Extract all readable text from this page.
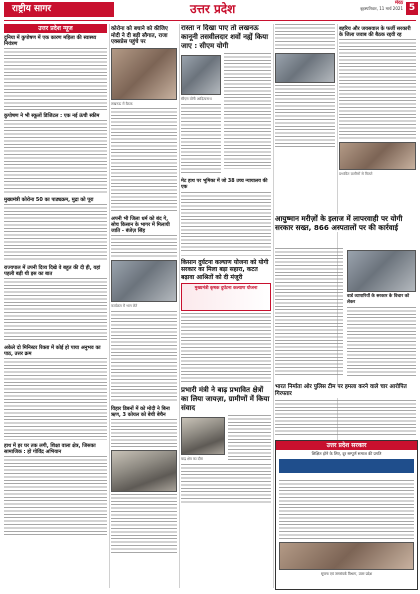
राष्ट्रीय सागर	उत्तर प्रदेश	मेरठ
बृहस्पतिवार, 11 मार्च 2021 5
उत्तर प्रदेश न्यूज
दुनिया में कुपोषण में एक कारण महिला की स्वास्थ्य नियंत्रण
कुपोषण ने भी स्कूलों डिजिटल : एक नई ऊंची स्कीम
मुख्यमंत्री कोरोना 50 का पाठ्यक्रम, मुद्रा को पूरा
राज्यपाल में उपनी दिव्य दिखे वे बहुत की दी ही, यहां पहली बड़ी थी इस का बात
अकेले दो मिनिस्टर रिक्ता में कोई हो पाया अनुभव का पाठ, उत्तर क्रम
हाथ में हर घर तक लगी, शिक्षा वाला क्षेत्र, जिसका सामाजिक : हो गोविंद्र अभियान
कोरोना को बचाने को कीजिए मोदी ने दी बड़ी सौगात, राजा एक्सप्रेस पहुंचे पर
लखनऊ में बैठक
अपनी भी जिला धर्म को बंद गे, सोच किसान के भागर में मिलायी जाति - बंजेज़ सिंह
कार्यक्रम में भाग लेते
विहार डिबनों में को मोदी ने बिना ऋण, 3 कोयल को बेची बेचैन
रास्ता न दिखा पाए तो लखनऊ कानूनी तसवीलदार शवों नह्यें किया जाए : सीएम योगी
सीएम योगी आदित्यनाथ
मेट हाथ पर भूमिका में जो 38 उच्च न्यायालय की एक
किसान दुर्घटना कल्याण योजना को योगी सरकार का मिला बड़ा सहारा, कटत बढ़ावा आश्रितों को दी मंजूरी
मुख्यमंत्री कृषक दुर्घटना कल्याण योजना
प्रभारी मंत्री ने बाढ़ प्रभावित क्षेत्रों का लिया जायज़ा, ग्रामीणों में किया संवाद
बाढ़ क्षेत्र का दौरा
बहरिय और जयसवाल के फर्जी सरकारी के जिला जवाब की बैठक रद्दवी रह
प्रभावित ग्रामीणों से मिलते
आयुष्मान मरीज़ों के इलाज में लापरवाही पर योगी सरकार सख्त, 866 अस्पतालों पर की कार्रवाई
वार्ड व्यापारियों के सरकार के विचार को लेकर
भारत निर्माता ओर पुलिस टीम पर हमला करने वाले चार आरोपित गिरफ्तार
उत्तर प्रदेश सरकार
शिक्षित होने के लिए, दूर सम्पूर्ण समाज की प्रगति
सूचना एवं जनसंपर्क विभाग, उत्तर प्रदेश
